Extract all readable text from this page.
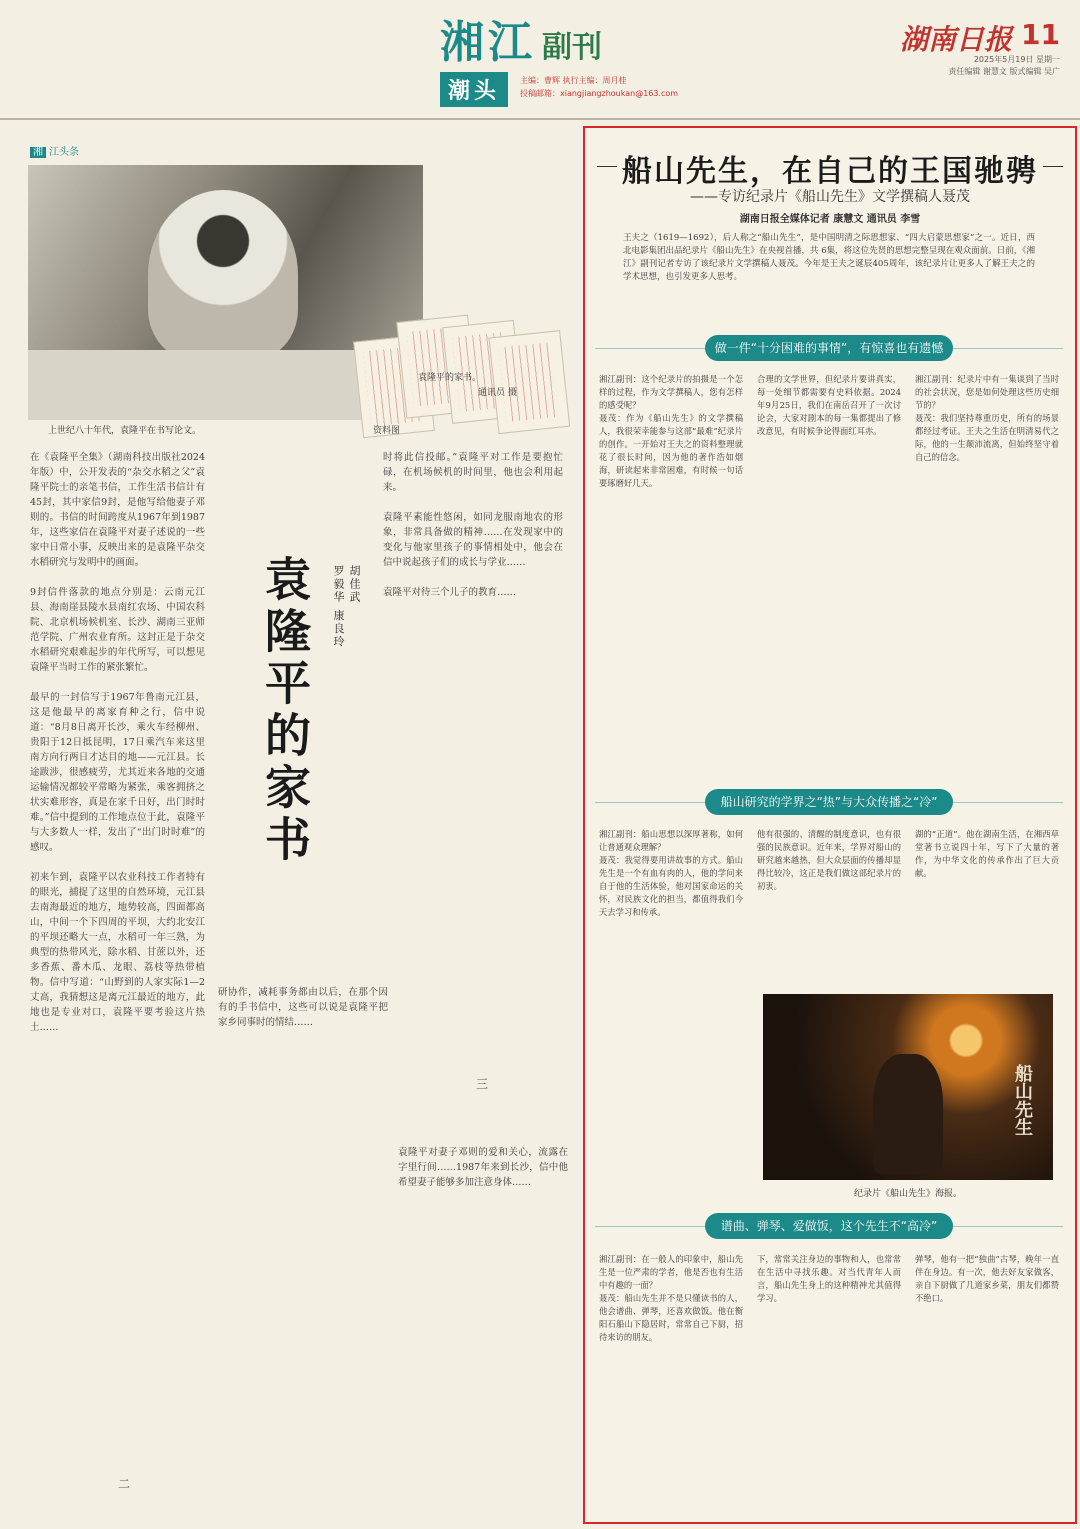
湘江 副刊
潮头	主编：曹辉 执行主编：周月桂
投稿邮箱：xiangjiangzhoukan@163.com
湖南日报 11
2025年5月19日 星期一
责任编辑 谢慧文 版式编辑 吴广
湘 江头条
上世纪八十年代，袁隆平在书写论文。	资料图
袁隆平的家书。
通讯员 摄
在《袁隆平全集》（湖南科技出版社2024年版）中，公开发表的“杂交水稻之父”袁隆平院士的亲笔书信，工作生活书信计有45封，其中家信9封，是他写给他妻子邓则的。书信的时间跨度从1967年到1987年，这些家信在袁隆平对妻子述说的一些家中日常小事，反映出来的是袁隆平杂交水稻研究与发明中的画面。

9封信件落款的地点分别是：云南元江县、海南崖县陵水县南红农场、中国农科院、北京机场候机室、长沙、湖南三亚师范学院、广州农业育所。这封正是于杂交水稻研究艰难起步的年代所写，可以想见袁隆平当时工作的紧张繁忙。

最早的一封信写于1967年鲁南元江县，这是他最早的离家育种之行，信中说道：“8月8日离开长沙，乘火车经柳州、贵阳于12日抵昆明，17日乘汽车来这里南方向行两日才达目的地——元江县。长途跋涉，很感疲劳，尤其近来各地的交通运输情况都较平常略为紧张，乘客拥挤之状实难形容，真是在家千日好，出门时时难。”信中提到的工作地点位于此，袁隆平与大多数人一样，发出了“出门时时难”的感叹。

初来乍到，袁隆平以农业科技工作者特有的眼光，捕捉了这里的自然环境，元江县去南海最近的地方，地势较高，四面都高山，中间一个下四周的平坝，大约北安江的平坝还略大一点，水稻可一年三熟，为典型的热带风光，除水稻、甘蔗以外，还多香蕉、番木瓜、龙眼、荔枝等热带植物。信中写道：“山野到的人家实际1—2丈高，我猜想这是离元江最近的地方，此地也是专业对口，袁隆平要考验这片热土……
袁隆平的家书	胡佳武
罗毅华 康良玲
时将此信投邮。”袁隆平对工作是要抱忙碌，在机场候机的时间里，他也会利用起来。

袁隆平素能性悠闲，如同龙服南地农的形象，非常具备做的精神……在发现家中的变化与他家里孩子的事情相处中，他会在信中说起孩子们的成长与学业……

袁隆平对待三个儿子的教育……
研协作，减耗事务都由以后，在那个因有的手书信中，这些可以说是袁隆平把家乡同事时的情结……
袁隆平对妻子邓则的爱和关心，流露在字里行间……1987年来到长沙，信中他希望妻子能够多加注意身体……
二
三
船山先生，在自己的王国驰骋
——专访纪录片《船山先生》文学撰稿人聂茂
湖南日报全媒体记者 康慧文 通讯员 李雪
王夫之（1619—1692），后人称之“船山先生”，是中国明清之际思想家、“四大启蒙思想家”之一。近日，西北电影集团出品纪录片《船山先生》在央视首播，共 6集，将这位先贤的思想完整呈现在观众面前。日前，《湘江》副刊记者专访了该纪录片文学撰稿人聂茂。今年是王夫之诞辰405周年，该纪录片让更多人了解王夫之的学术思想，也引发更多人思考。
做一件“十分困难的事情”，有惊喜也有遗憾
湘江副刊：这个纪录片的拍摄是一个怎样的过程，作为文学撰稿人，您有怎样的感受呢？
聂茂：作为《船山先生》的文学撰稿人，我很荣幸能参与这部“最难”纪录片的创作。一开始对王夫之的资料整理就花了很长时间，因为他的著作浩如烟海，研读起来非常困难，有时候一句话要琢磨好几天。
合理的文学世界，但纪录片要讲真实，每一处细节都需要有史料依据。2024年9月25日，我们在南岳召开了一次讨论会，大家对剧本的每一集都提出了修改意见，有时候争论得面红耳赤。
湘江副刊：纪录片中有一集谈到了当时的社会状况，您是如何处理这些历史细节的？
聂茂：我们坚持尊重历史，所有的场景都经过考证。王夫之生活在明清易代之际，他的一生颠沛流离，但始终坚守着自己的信念。
船山研究的学界之“热”与大众传播之“冷”
湘江副刊：船山思想以深厚著称，如何让普通观众理解？
聂茂：我觉得要用讲故事的方式。船山先生是一个有血有肉的人，他的学问来自于他的生活体验，他对国家命运的关怀，对民族文化的担当，都值得我们今天去学习和传承。
他有很强的、清醒的制度意识，也有很强的民族意识。近年来，学界对船山的研究越来越热，但大众层面的传播却显得比较冷，这正是我们做这部纪录片的初衷。
湖的“正道”。他在湖南生活，在湘西草堂著书立说四十年，写下了大量的著作，为中华文化的传承作出了巨大贡献。
船山先生
纪录片《船山先生》海报。
谱曲、弹琴、爱做饭，这个先生不“高冷”
湘江副刊：在一般人的印象中，船山先生是一位严肃的学者，他是否也有生活中有趣的一面？
聂茂：船山先生并不是只懂读书的人，他会谱曲、弹琴，还喜欢做饭。他在衡阳石船山下隐居时，常常自己下厨，招待来访的朋友。
下，常常关注身边的事物和人，也常常在生活中寻找乐趣。对当代青年人而言，船山先生身上的这种精神尤其值得学习。
弹琴，他有一把“独曲”古琴，晚年一直伴在身边。有一次，他去好友家做客，亲自下厨做了几道家乡菜，朋友们都赞不绝口。
